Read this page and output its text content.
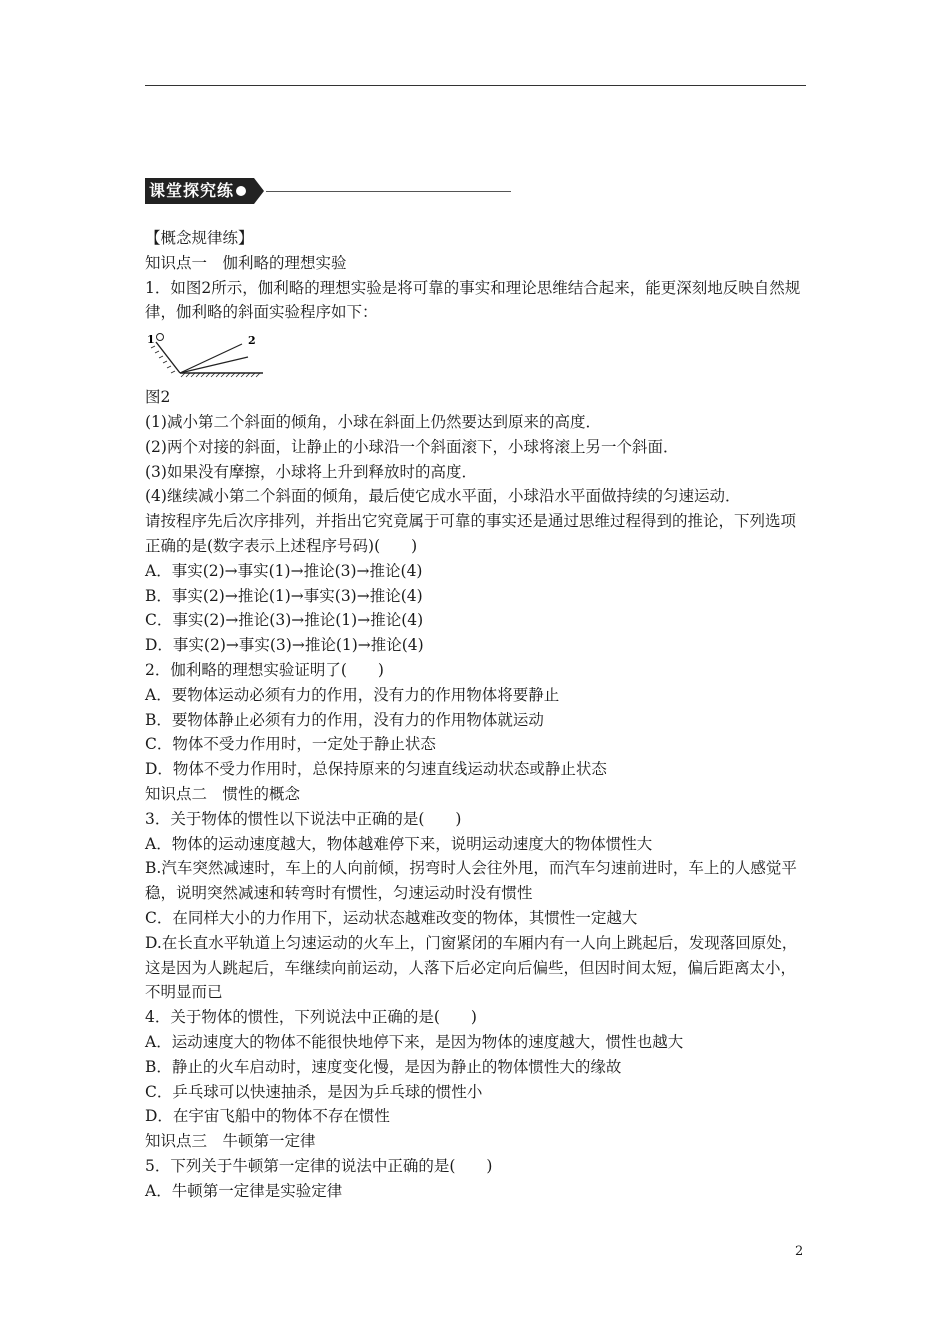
课堂探究练

【概念规律练】

知识点一　伽利略的理想实验

1．如图2所示，伽利略的理想实验是将可靠的事实和理论思维结合起来，能更深刻地反映自然规律，伽利略的斜面实验程序如下：

1	2

图2

(1)减小第二个斜面的倾角，小球在斜面上仍然要达到原来的高度．

(2)两个对接的斜面，让静止的小球沿一个斜面滚下，小球将滚上另一个斜面．

(3)如果没有摩擦，小球将上升到释放时的高度．

(4)继续减小第二个斜面的倾角，最后使它成水平面，小球沿水平面做持续的匀速运动．

请按程序先后次序排列，并指出它究竟属于可靠的事实还是通过思维过程得到的推论，下列选项正确的是(数字表示上述程序号码)(　　)

A．事实(2)→事实(1)→推论(3)→推论(4)

B．事实(2)→推论(1)→事实(3)→推论(4)

C．事实(2)→推论(3)→推论(1)→推论(4)

D．事实(2)→事实(3)→推论(1)→推论(4)

2．伽利略的理想实验证明了(　　)

A．要物体运动必须有力的作用，没有力的作用物体将要静止

B．要物体静止必须有力的作用，没有力的作用物体就运动

C．物体不受力作用时，一定处于静止状态

D．物体不受力作用时，总保持原来的匀速直线运动状态或静止状态

知识点二　惯性的概念

3．关于物体的惯性以下说法中正确的是(　　)

A．物体的运动速度越大，物体越难停下来，说明运动速度大的物体惯性大

B.汽车突然减速时，车上的人向前倾，拐弯时人会往外甩，而汽车匀速前进时，车上的人感觉平稳，说明突然减速和转弯时有惯性，匀速运动时没有惯性

C．在同样大小的力作用下，运动状态越难改变的物体，其惯性一定越大

D.在长直水平轨道上匀速运动的火车上，门窗紧闭的车厢内有一人向上跳起后，发现落回原处，这是因为人跳起后，车继续向前运动，人落下后必定向后偏些，但因时间太短，偏后距离太小，不明显而已

4．关于物体的惯性，下列说法中正确的是(　　)

A．运动速度大的物体不能很快地停下来，是因为物体的速度越大，惯性也越大

B．静止的火车启动时，速度变化慢，是因为静止的物体惯性大的缘故

C．乒乓球可以快速抽杀，是因为乒乓球的惯性小

D．在宇宙飞船中的物体不存在惯性

知识点三　牛顿第一定律

5．下列关于牛顿第一定律的说法中正确的是(　　)

A．牛顿第一定律是实验定律

2
